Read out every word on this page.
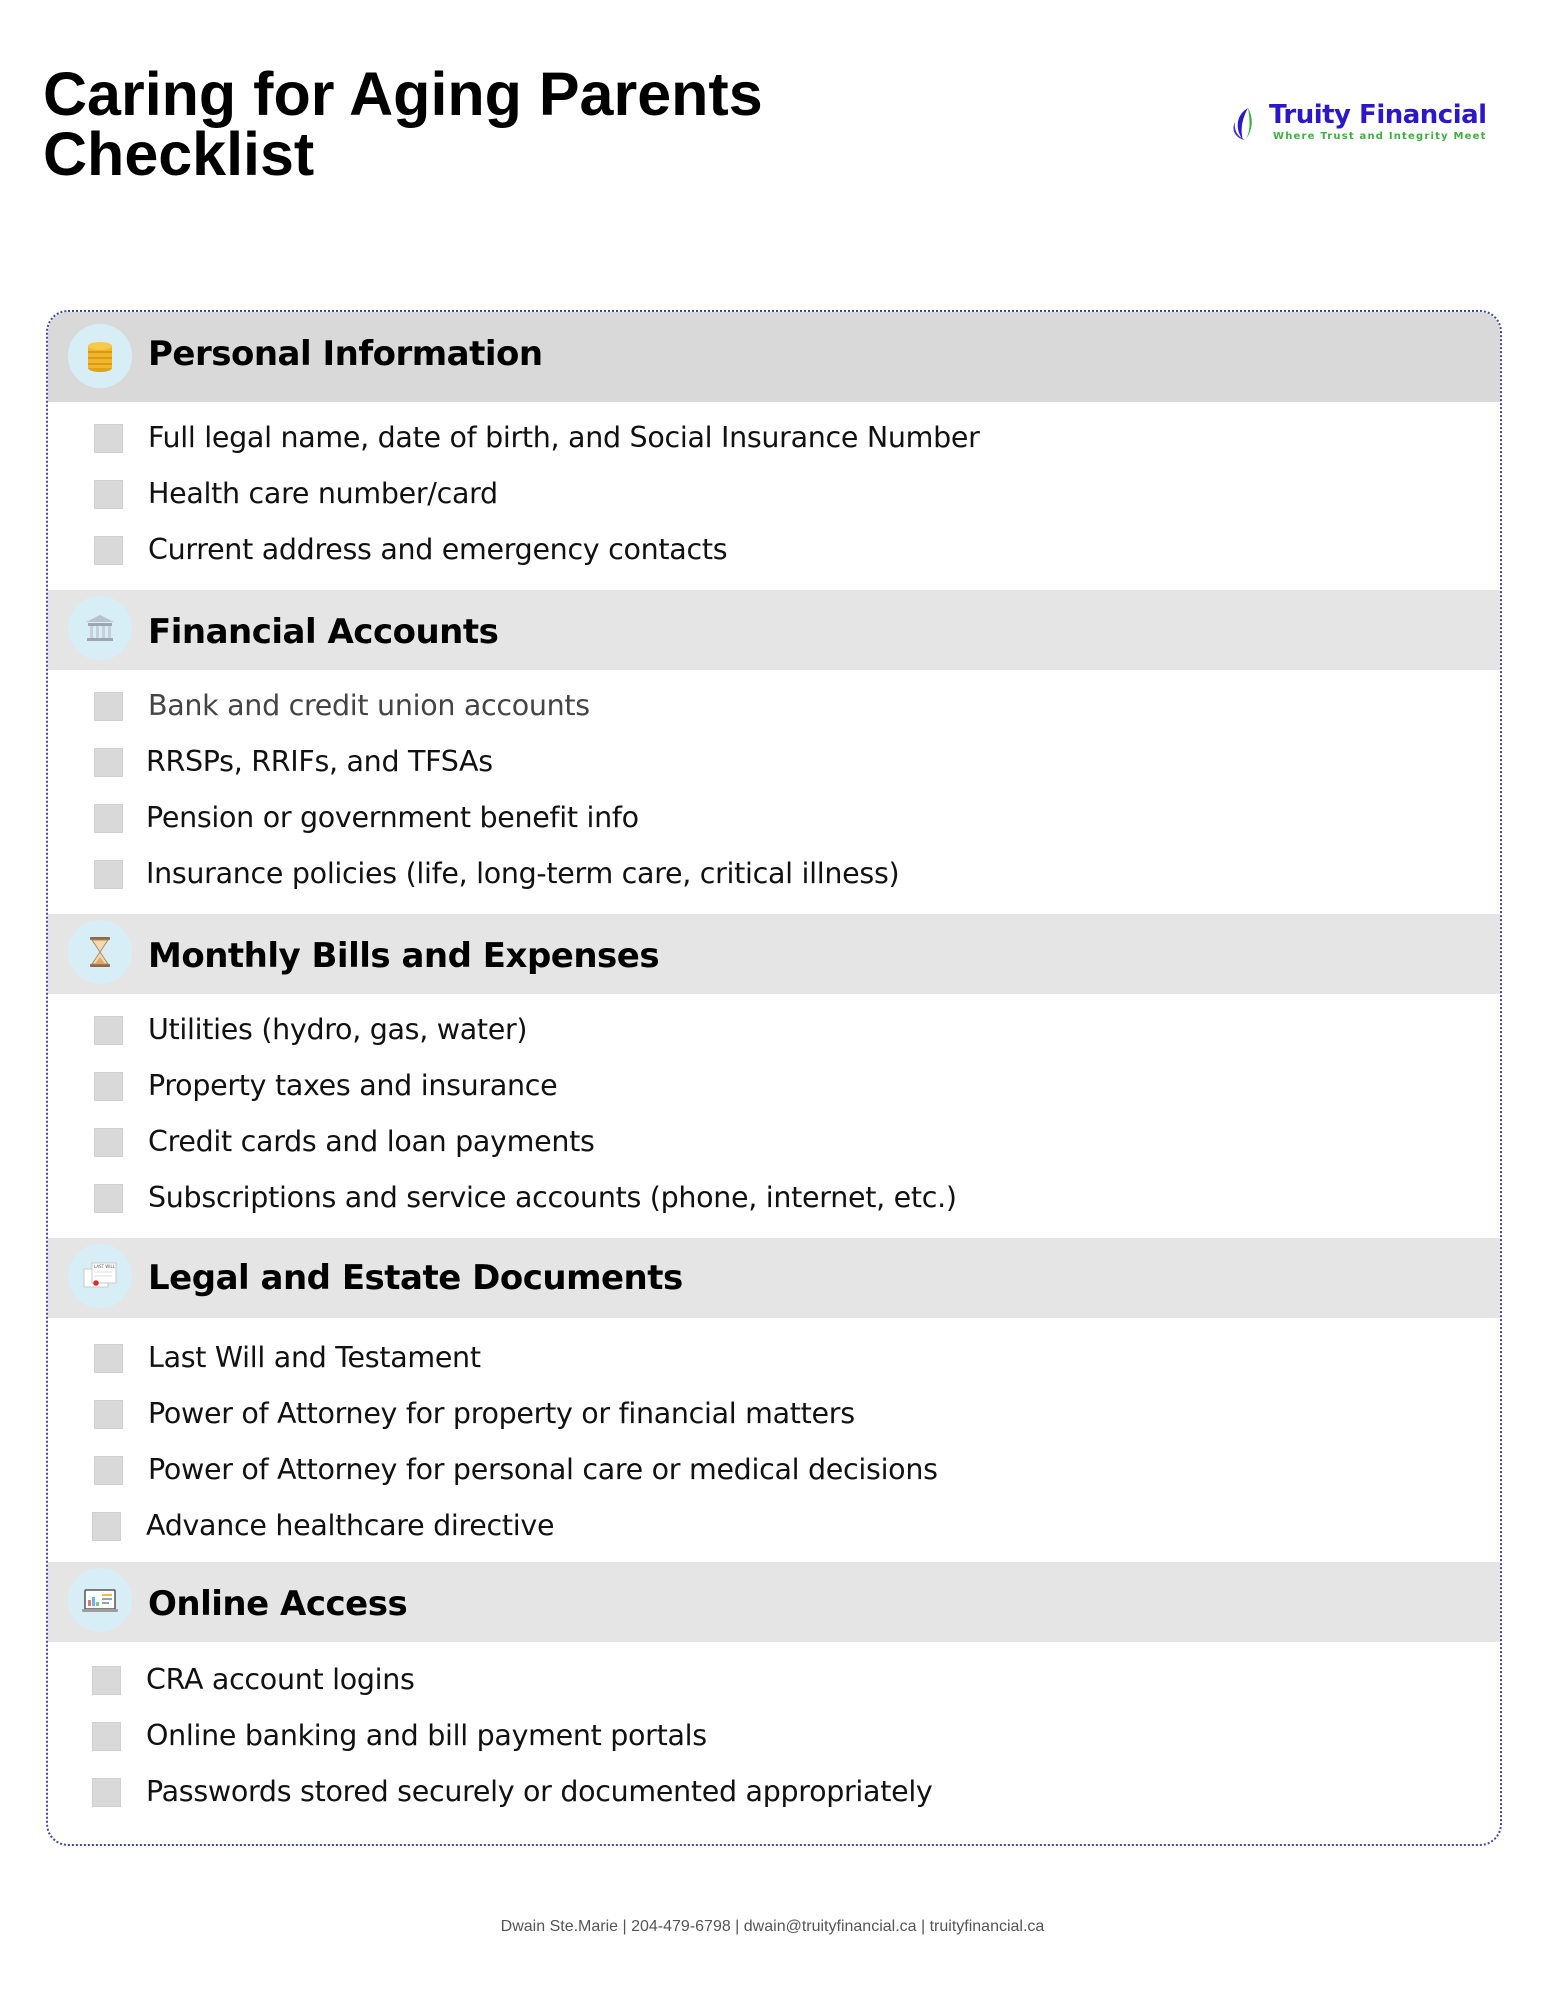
Caring for Aging Parents
Checklist
Truity Financial
Where Trust and Integrity Meet
Personal Information
Full legal name, date of birth, and Social Insurance Number
Health care number/card
Current address and emergency contacts
Financial Accounts
Bank and credit union accounts
RRSPs, RRIFs, and TFSAs
Pension or government benefit info
Insurance policies (life, long-term care, critical illness)
Monthly Bills and Expenses
Utilities (hydro, gas, water)
Property taxes and insurance
Credit cards and loan payments
Subscriptions and service accounts (phone, internet, etc.)
LAST WILL Legal and Estate Documents
Last Will and Testament
Power of Attorney for property or financial matters
Power of Attorney for personal care or medical decisions
Advance healthcare directive
Online Access
CRA account logins
Online banking and bill payment portals
Passwords stored securely or documented appropriately
Dwain Ste.Marie | 204-479-6798 | dwain@truityfinancial.ca | truityfinancial.ca
